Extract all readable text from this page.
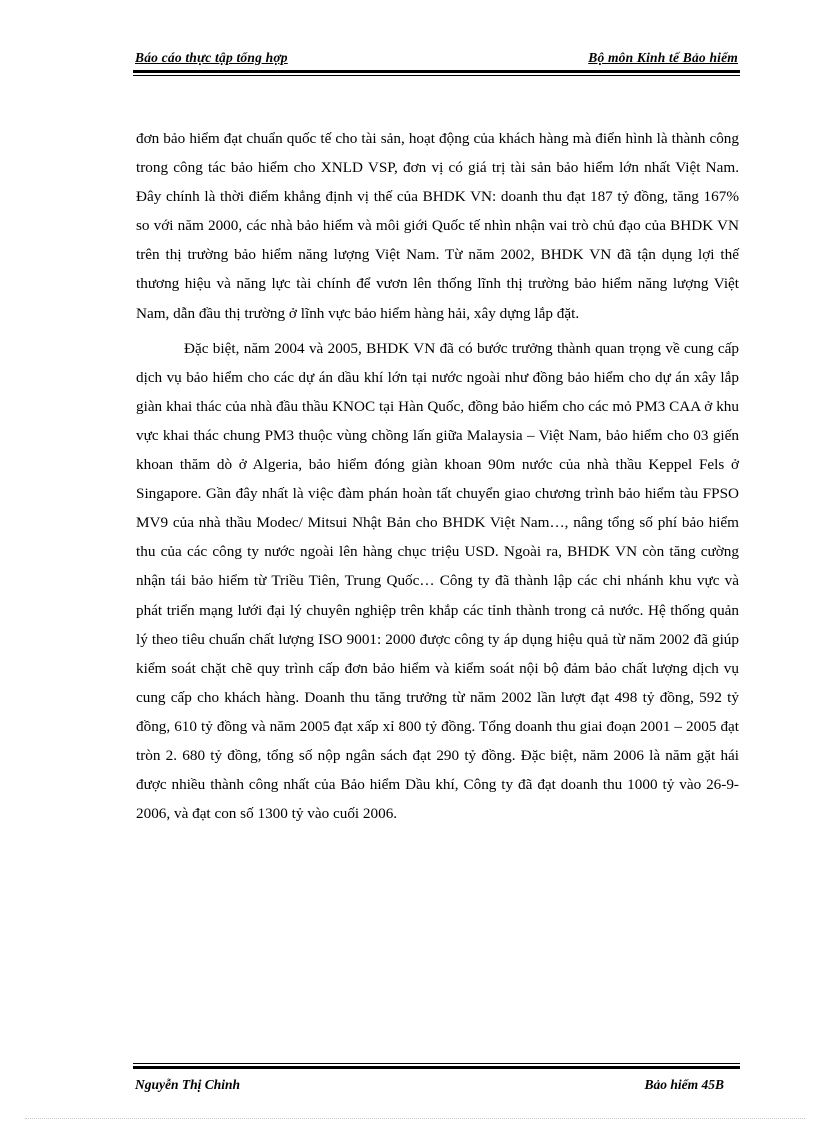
Báo cáo thực tập tổng hợp	Bộ môn Kinh tế Bảo hiểm

đơn bảo hiểm đạt chuẩn quốc tế cho tài sản, hoạt động của khách hàng mà điển hình là thành công trong công tác bảo hiểm cho XNLD VSP, đơn vị có giá trị tài sản bảo hiểm lớn nhất Việt Nam. Đây chính là thời điểm khẳng định vị thế của BHDK VN: doanh thu đạt 187 tỷ đồng, tăng 167% so với năm 2000, các nhà bảo hiểm và môi giới Quốc tế nhìn nhận vai trò chủ đạo của BHDK VN trên thị trường bảo hiểm năng lượng Việt Nam. Từ năm 2002, BHDK VN đã tận dụng lợi thế thương hiệu và năng lực tài chính để vươn lên thống lĩnh thị trường bảo hiểm năng lượng Việt Nam, dẫn đầu thị trường ở lĩnh vực bảo hiểm hàng hải, xây dựng lắp đặt.

Đặc biệt, năm 2004 và 2005, BHDK VN đã có bước trưởng thành quan trọng về cung cấp dịch vụ bảo hiểm cho các dự án dầu khí lớn tại nước ngoài như đồng bảo hiểm cho dự án xây lắp giàn khai thác của nhà đầu thầu KNOC tại Hàn Quốc, đồng bảo hiểm cho các mỏ PM3 CAA ở khu vực khai thác chung PM3 thuộc vùng chồng lấn giữa Malaysia – Việt Nam, bảo hiểm cho 03 giến khoan thăm dò ở Algeria, bảo hiểm đóng giàn khoan 90m nước của nhà thầu Keppel Fels ở Singapore. Gần đây nhất là việc đàm phán hoàn tất chuyển giao chương trình bảo hiểm tàu FPSO MV9 của nhà thầu Modec/ Mitsui Nhật Bản cho BHDK Việt Nam…, nâng tổng số phí bảo hiểm thu của các công ty nước ngoài lên hàng chục triệu USD. Ngoài ra, BHDK VN còn tăng cường nhận tái bảo hiểm từ Triều Tiên, Trung Quốc… Công ty đã thành lập các chi nhánh khu vực và phát triển mạng lưới đại lý chuyên nghiệp trên khắp các tỉnh thành trong cả nước. Hệ thống quản lý theo tiêu chuẩn chất lượng ISO 9001: 2000 được công ty áp dụng hiệu quả từ năm 2002 đã giúp kiểm soát chặt chẽ quy trình cấp đơn bảo hiểm và kiểm soát nội bộ đảm bảo chất lượng dịch vụ cung cấp cho khách hàng. Doanh thu tăng trưởng từ năm 2002 lần lượt đạt 498 tỷ đồng, 592 tỷ đồng, 610 tỷ đồng và năm 2005 đạt xấp xỉ 800 tỷ đồng. Tổng doanh thu giai đoạn 2001 – 2005 đạt tròn 2. 680 tỷ đồng, tổng số nộp ngân sách đạt 290 tỷ đồng. Đặc biệt, năm 2006 là năm gặt hái được nhiều thành công nhất của Bảo hiểm Dầu khí, Công ty đã đạt doanh thu 1000 tỷ vào 26-9-2006, và đạt con số 1300 tỷ vào cuối 2006.

Nguyễn Thị Chinh	Bảo hiểm 45B
